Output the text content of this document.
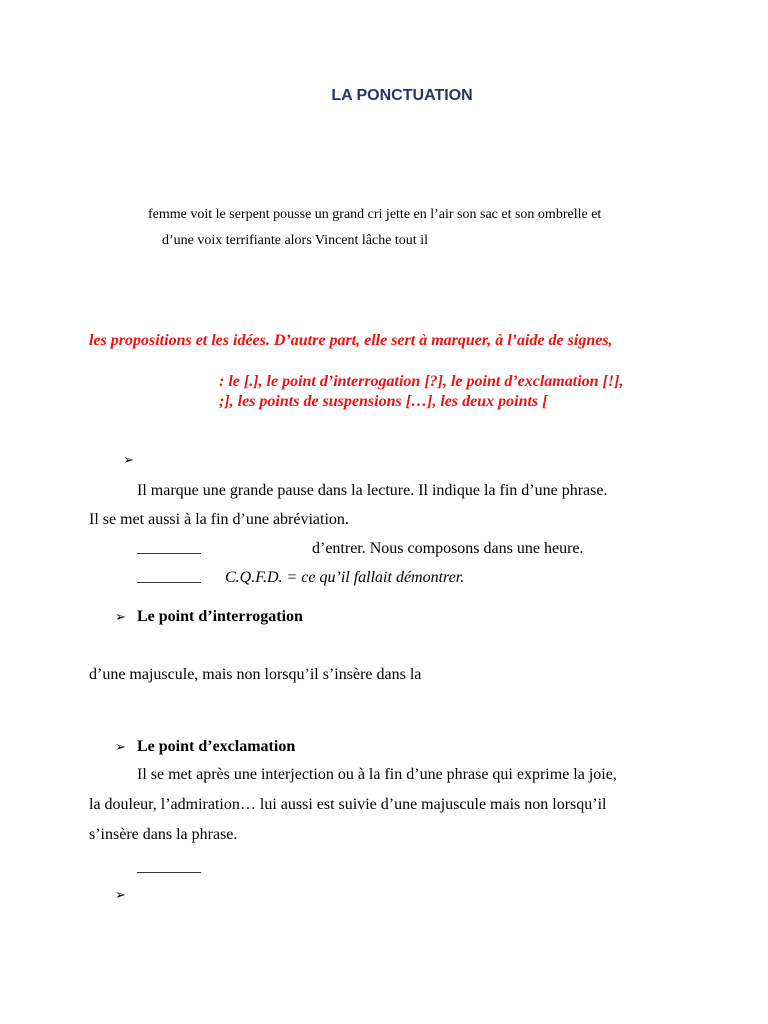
LA PONCTUATION
femme voit le serpent pousse un grand cri jette en l’air son sac et son ombrelle et
d’une voix terrifiante alors Vincent lâche tout il
les propositions et les idées. D’autre part, elle sert à marquer, à l’aide de signes,
: le [.], le point d’interrogation [?], le point d’exclamation [!],
;], les points de suspensions […], les deux points [
➢
Il marque une grande pause dans la lecture. Il indique la fin d’une phrase.
Il se met aussi à la fin d’une abréviation.
________	d’entrer. Nous composons dans une heure.
________ C.Q.F.D. = ce qu’il fallait démontrer.
➢ Le point d’interrogation
d’une majuscule, mais non lorsqu’il s’insère dans la
➢ Le point d’exclamation
Il se met après une interjection ou à la fin d’une phrase qui exprime la joie,
la douleur, l’admiration… lui aussi est suivie d’une majuscule mais non lorsqu’il
s’insère dans la phrase.
________
➢
